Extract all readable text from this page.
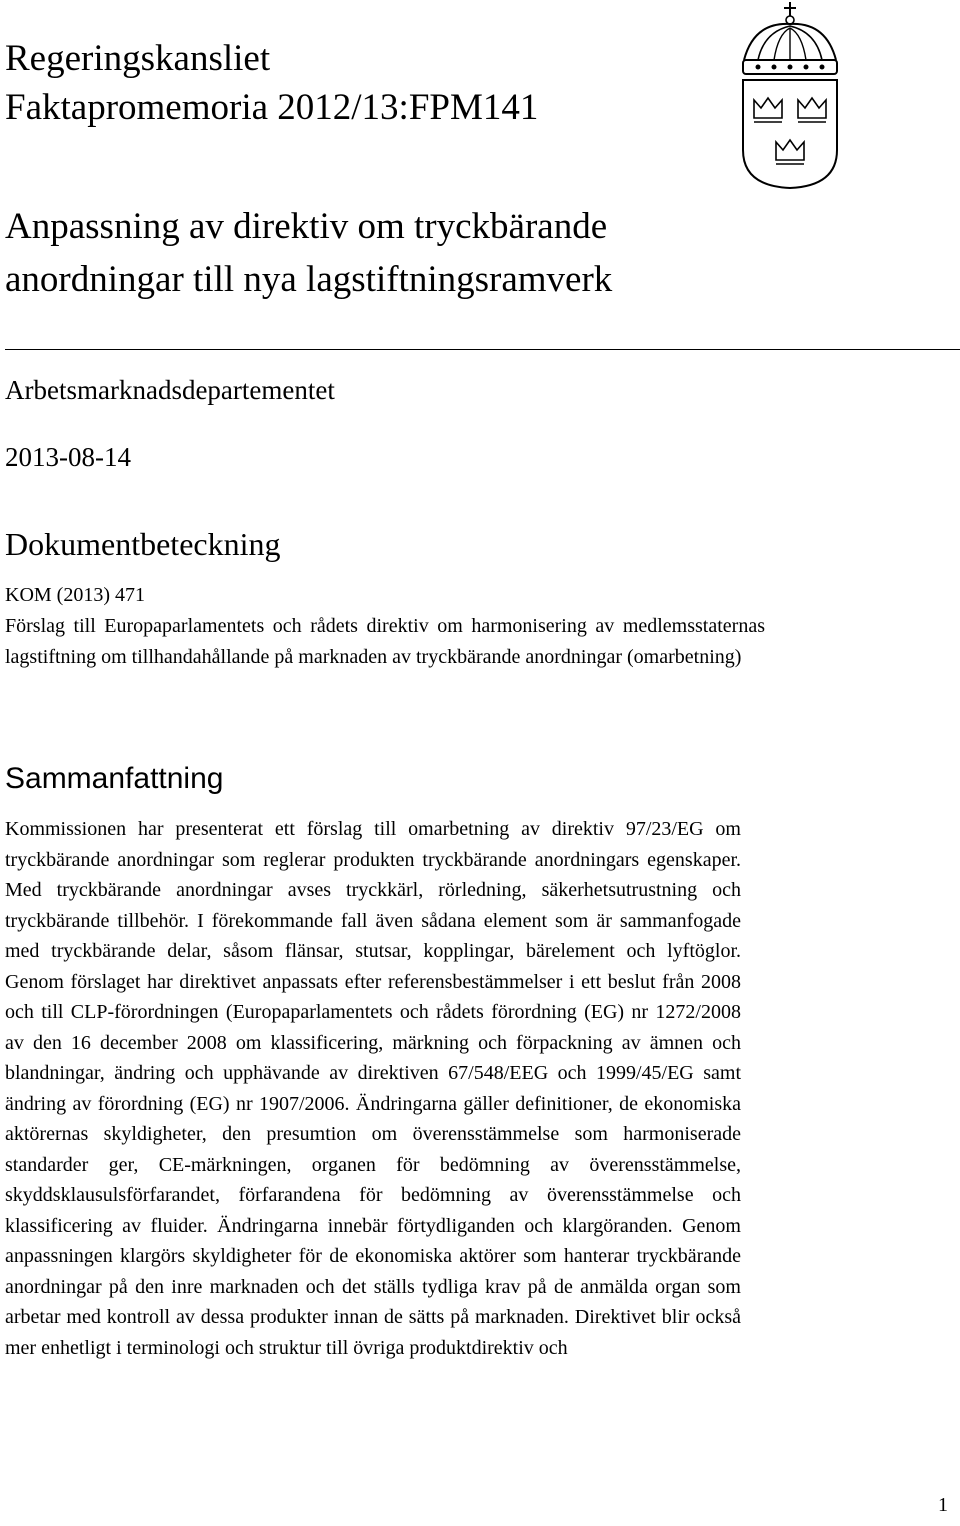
Regeringskansliet
Faktapromemoria 2012/13:FPM141
Anpassning av direktiv om tryckbärande anordningar till nya lagstiftningsramverk

Arbetsmarknadsdepartementet

2013-08-14

Dokumentbeteckning

KOM (2013) 471

Förslag till Europaparlamentets och rådets direktiv om harmonisering av medlemsstaternas lagstiftning om tillhandahållande på marknaden av tryckbärande anordningar (omarbetning)

Sammanfattning

Kommissionen har presenterat ett förslag till omarbetning av direktiv 97/23/EG om tryckbärande anordningar som reglerar produkten tryckbärande anordningars egenskaper. Med tryckbärande anordningar avses tryckkärl, rörledning, säkerhetsutrustning och tryckbärande tillbehör. I förekommande fall även sådana element som är sammanfogade med tryckbärande delar, såsom flänsar, stutsar, kopplingar, bärelement och lyftöglor. Genom förslaget har direktivet anpassats efter referensbestämmelser i ett beslut från 2008 och till CLP-förordningen (Europaparlamentets och rådets förordning (EG) nr 1272/2008 av den 16 december 2008 om klassificering, märkning och förpackning av ämnen och blandningar, ändring och upphävande av direktiven 67/548/EEG och 1999/45/EG samt ändring av förordning (EG) nr 1907/2006. Ändringarna gäller definitioner, de ekonomiska aktörernas skyldigheter, den presumtion om överensstämmelse som harmoniserade standarder ger, CE-märkningen, organen för bedömning av överensstämmelse, skyddsklausulsförfarandet, förfarandena för bedömning av överensstämmelse och klassificering av fluider. Ändringarna innebär förtydliganden och klargöranden. Genom anpassningen klargörs skyldigheter för de ekonomiska aktörer som hanterar tryckbärande anordningar på den inre marknaden och det ställs tydliga krav på de anmälda organ som arbetar med kontroll av dessa produkter innan de sätts på marknaden. Direktivet blir också mer enhetligt i terminologi och struktur till övriga produktdirektiv och

1
